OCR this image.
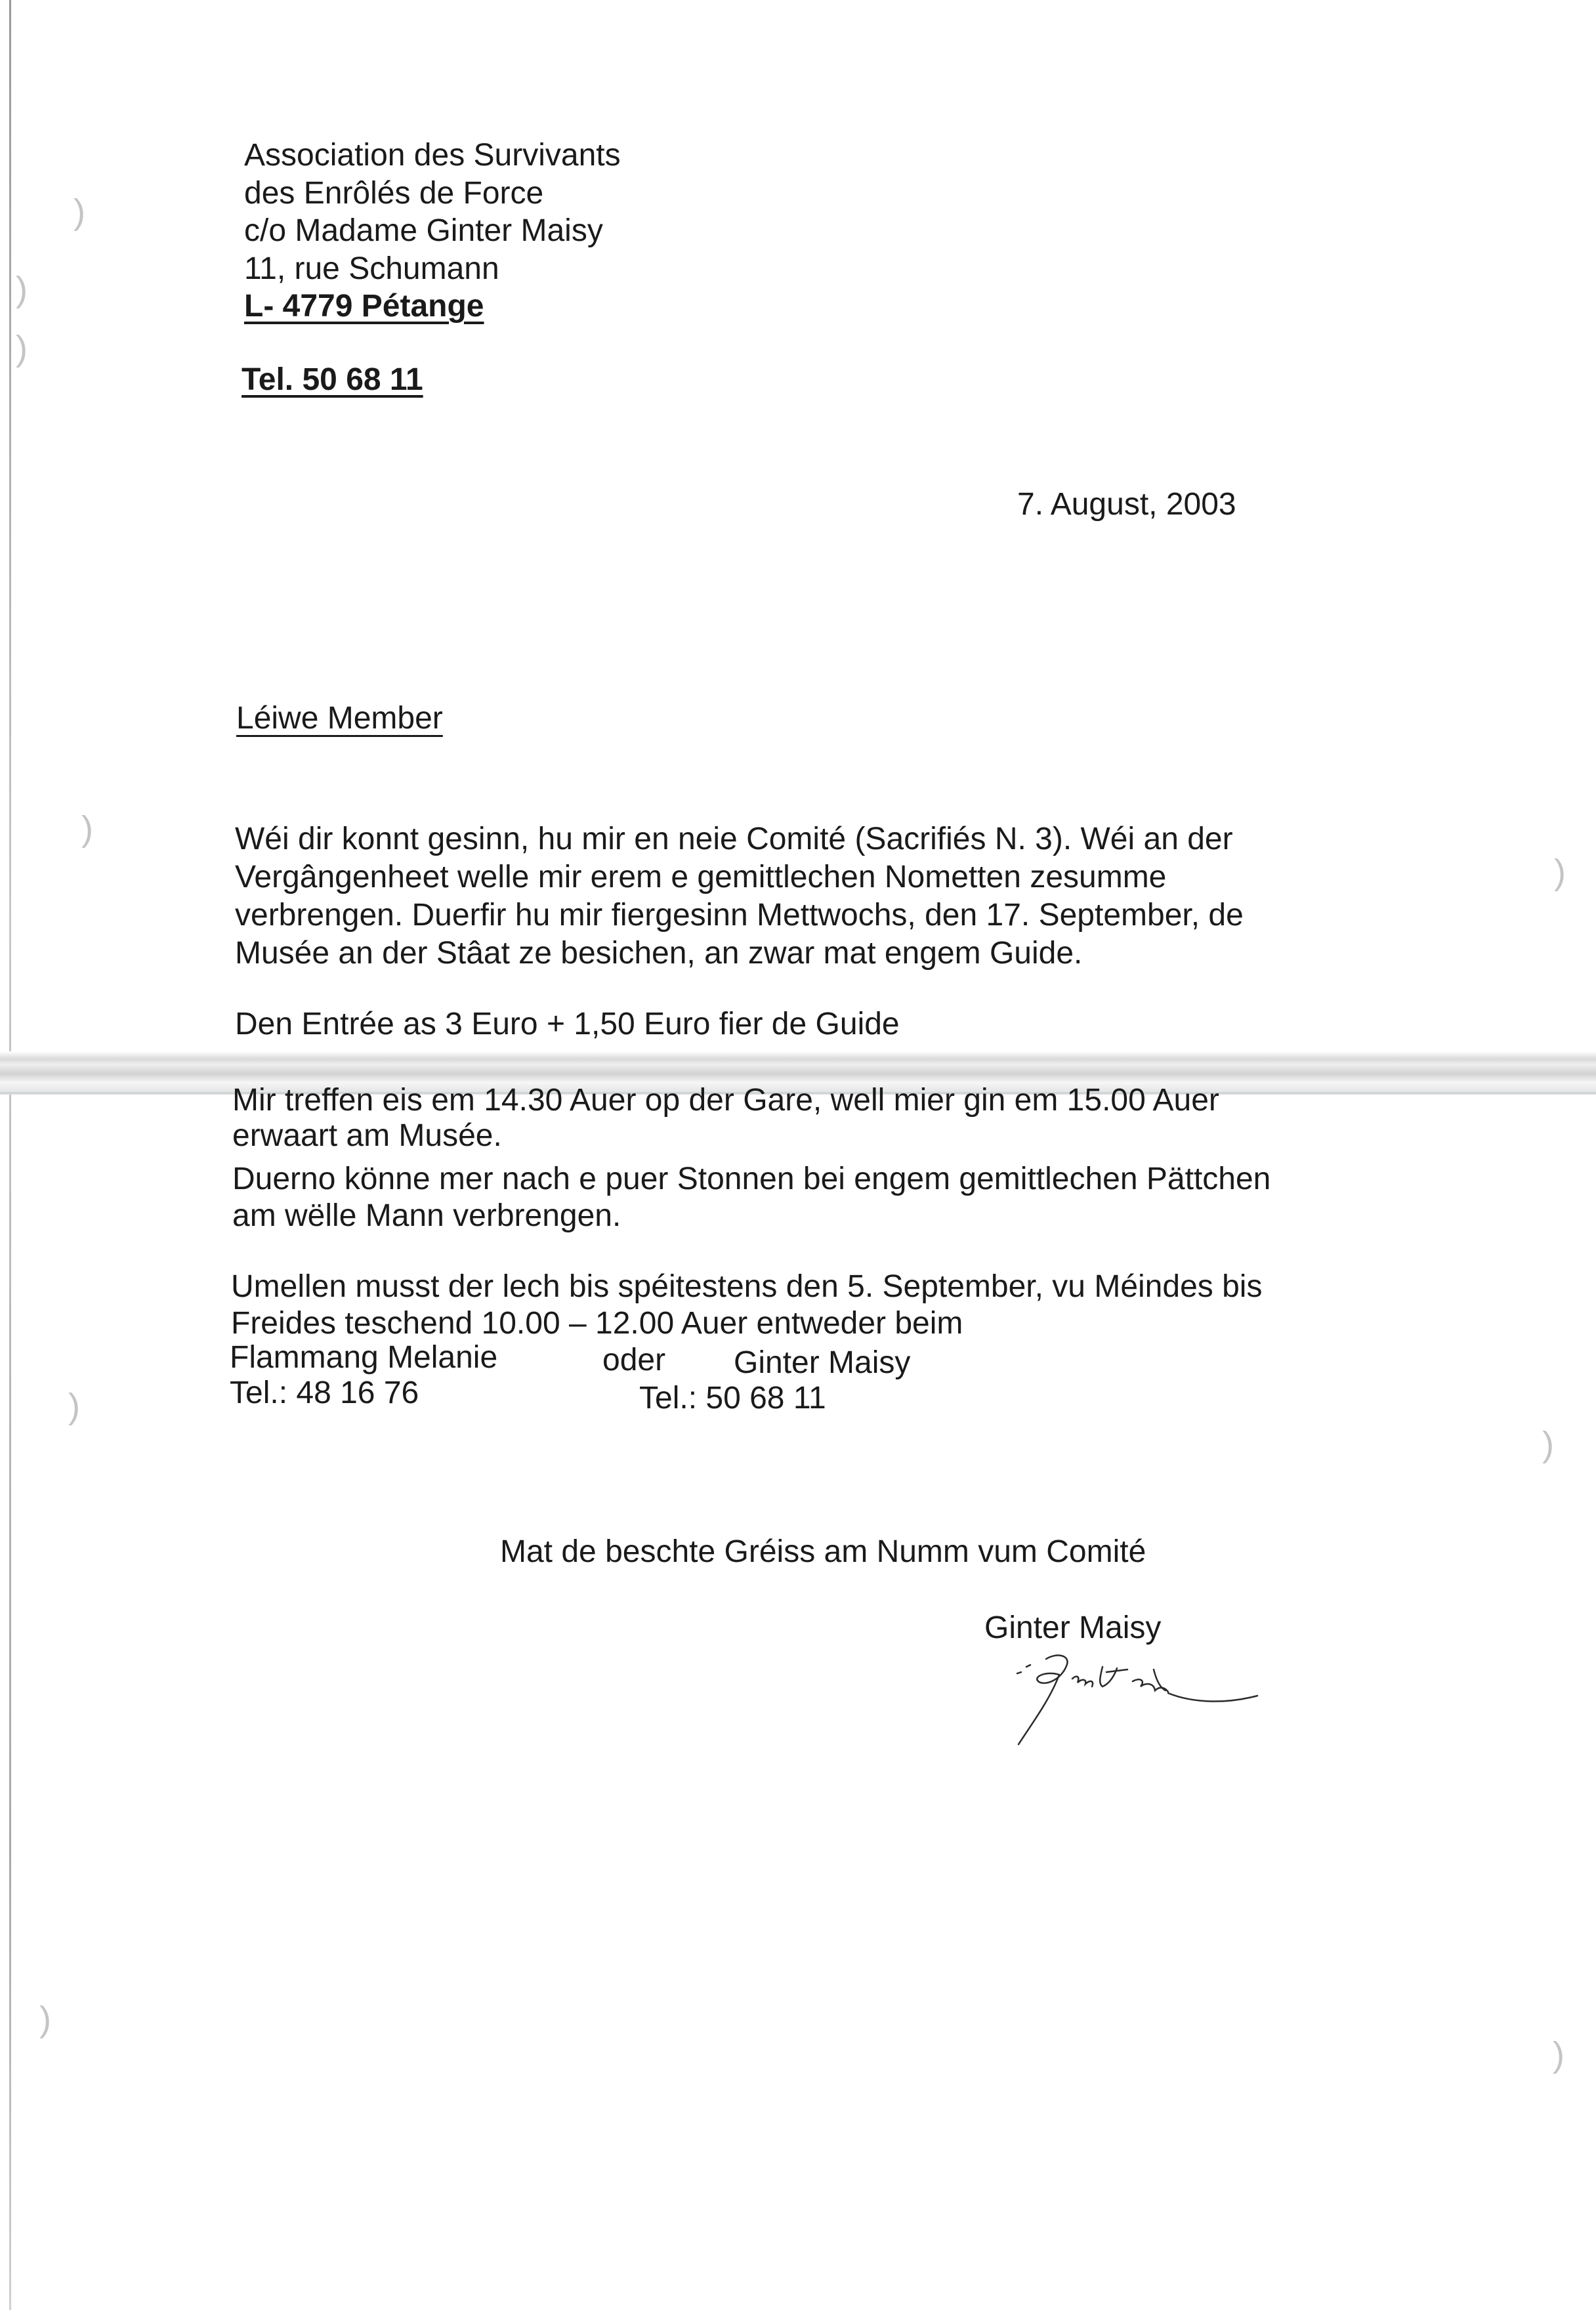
)
)
)
)
)
)
)
)
)
Association des Survivants
des Enrôlés de Force
c/o Madame Ginter Maisy
11, rue Schumann
L- 4779 Pétange
Tel. 50 68 11
7. August, 2003
Léiwe Member
Wéi dir konnt gesinn, hu mir en neie Comité (Sacrifiés N. 3). Wéi an der
Vergângenheet welle mir erem e gemittlechen Nometten zesumme
verbrengen. Duerfir hu mir fiergesinn Mettwochs, den 17. September, de
Musée an der Stâat ze besichen, an zwar mat engem Guide.
Den Entrée as 3 Euro + 1,50 Euro fier de Guide
Mir treffen eis em 14.30 Auer op der Gare, well mier gin em 15.00 Auer
erwaart am Musée.
Duerno könne mer nach e puer Stonnen bei engem gemittlechen Pättchen
am wëlle Mann verbrengen.
Umellen musst der lech bis spéitestens den 5. September, vu Méindes bis
Freides teschend 10.00 – 12.00 Auer entweder beim
Flammang Melanie	oder Ginter Maisy
Tel.: 48 16 76	Tel.: 50 68 11
Mat de beschte Gréiss am Numm vum Comité
Ginter Maisy
